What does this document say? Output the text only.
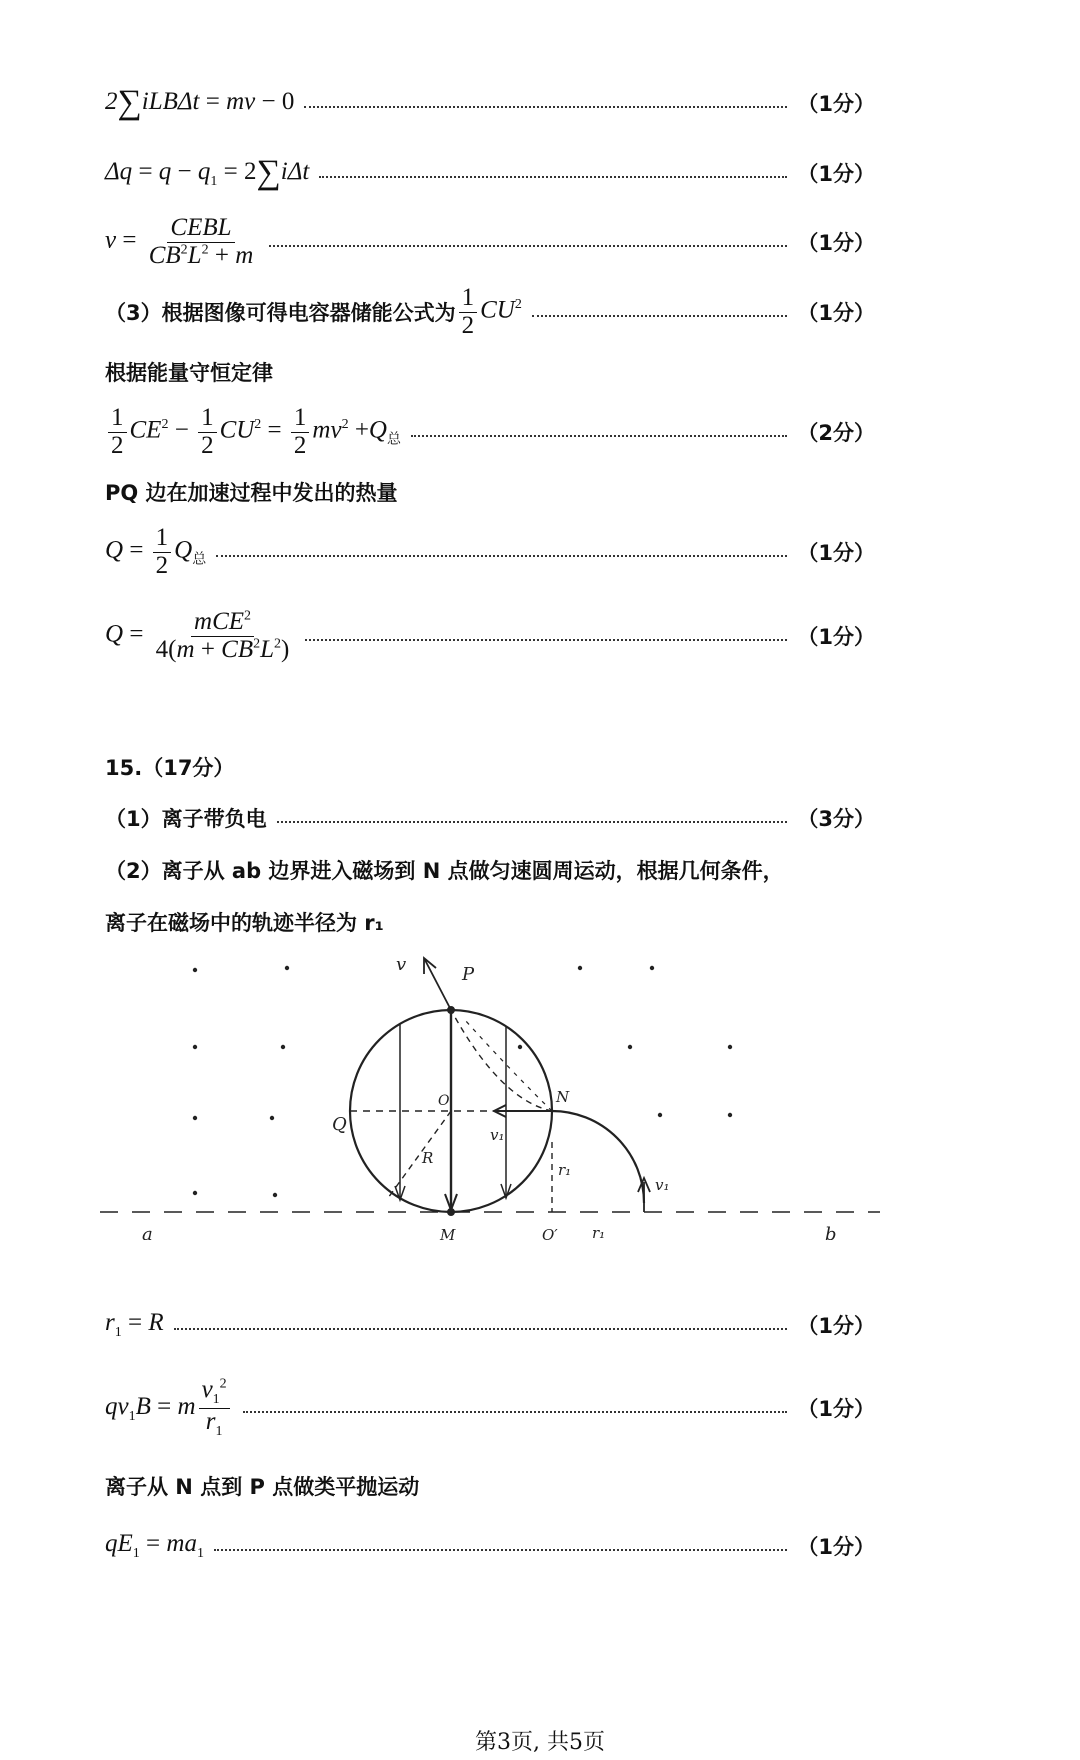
2∑iLBΔt = mv − 0	（1分）
$\Delta q = q - q_1 = 2\sum i\Delta t$	（1分）
$v = \frac{\text{CEBL}}{CB^2L^2 + m}$	（1分）
（3）根据图像可得电容器储能公式为 $\frac{1}{2} CU^2$	（1分）
根据能量守恒定律
$\frac{1}{2} CE^2 - \frac{1}{2} CU^2 = \frac{1}{2} mv^2 +Q_总$	（2分）
PQ 边在加速过程中发出的热量
$Q = \frac{1}{2} Q_总$	（1分）
$Q = \frac{mCE^2}{4(m + CB^2L^2)}$	（1分）
15.（17分）
（1）离子带负电	（3分）
（2）离子从 ab 边界进入磁场到 N 点做匀速圆周运动，根据几何条件，
离子在磁场中的轨迹半径为 r₁
v	P
O	N
Q	v₁
R
r₁
v₁
a	M	O′ r₁	b
$r_1 = R$	（1分）
$qv_1B = m \frac{v_1^2}{r_1}$	（1分）
离子从 N 点到 P 点做类平抛运动
$qE_1 = ma_1$	（1分）
第3页, 共5页
